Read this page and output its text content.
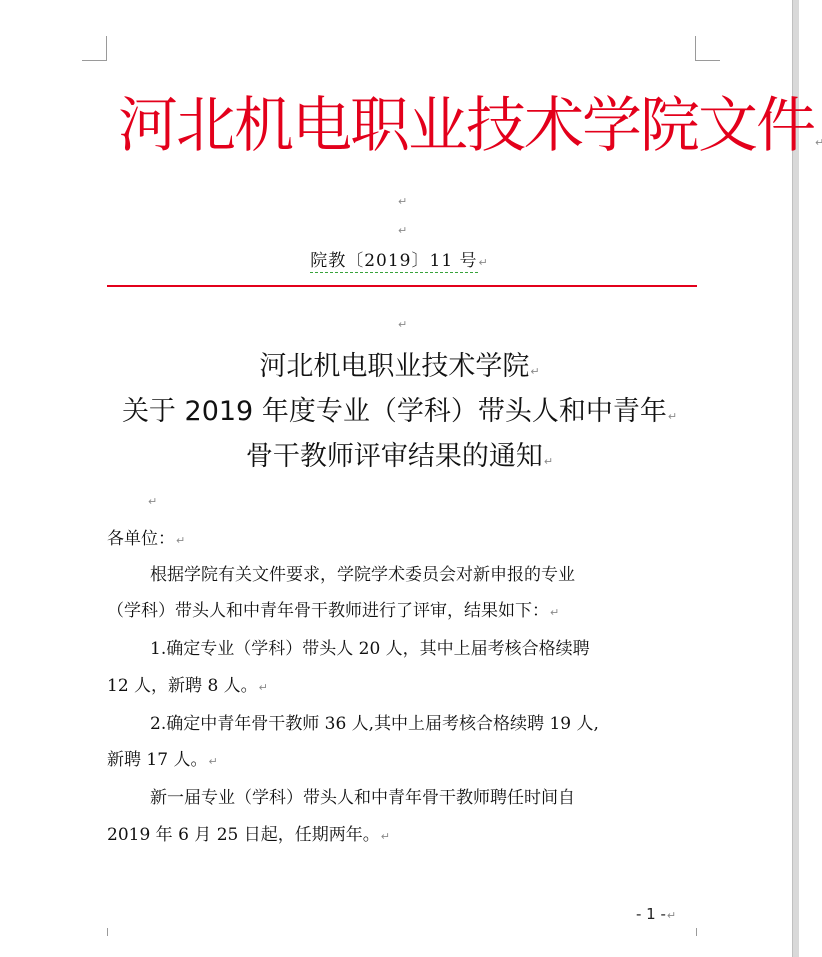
河北机电职业技术学院文件↵
↵
↵
院教〔2019〕11 号↵
↵
河北机电职业技术学院↵
关于 2019 年度专业（学科）带头人和中青年↵
骨干教师评审结果的通知↵
↵
各单位：↵
根据学院有关文件要求，学院学术委员会对新申报的专业
（学科）带头人和中青年骨干教师进行了评审，结果如下：↵
1.确定专业（学科）带头人 20 人，其中上届考核合格续聘
12 人，新聘 8 人。↵
2.确定中青年骨干教师 36 人,其中上届考核合格续聘 19 人,
新聘 17 人。↵
新一届专业（学科）带头人和中青年骨干教师聘任时间自
2019 年 6 月 25 日起，任期两年。↵
- 1 -↵
